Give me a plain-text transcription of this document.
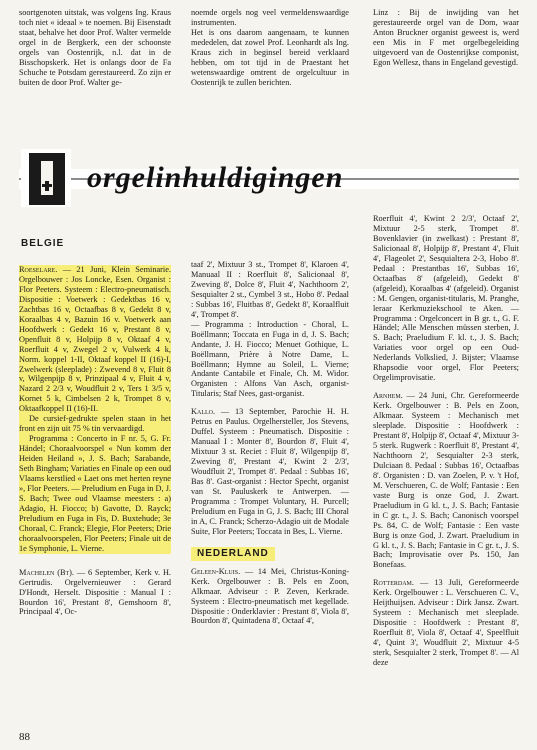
soortgenoten uitstak, was volgens Ing. Kraus toch niet « ideaal » te noemen. Bij Eisenstadt staat, behalve het door Prof. Walter vermelde orgel in de Bergkerk, een der schoonste orgels van Oostenrijk, n.l. dat in de Bisschopskerk. Het is onlangs door de Fa Schuche te Potsdam gerestaureerd. Zo zijn er buiten de door Prof. Walter ge-

noemde orgels nog veel vermeldenswaardige instrumenten.
Het is ons daarom aangenaam, te kunnen mededelen, dat zowel Prof. Leonhardt als Ing. Kraus zich in beginsel bereid verklaard hebben, om tot tijd in de Praestant het wetenswaardige omtrent de orgelcultuur in Oostenrijk te zullen berichten.

Linz : Bij de inwijding van het gerestaureerde orgel van de Dom, waar Anton Bruckner organist geweest is, werd een Mis in F met orgelbegeleiding uitgevoerd van de Oostenrijkse componist, Egon Wellesz, thans in Engeland gevestigd.

orgelinhuldigingen
BELGIE

Roeselare. — 21 Juni, Klein Seminarie. Orgelbouwer : Jos Loncke, Esen. Organist : Flor Peeters. Systeem : Electro-pneumatisch. Dispositie : Voetwerk : Gedektbas 16 v, Zachtbas 16 v, Octaafbas 8 v, Gedekt 8 v, Koraalbas 4 v, Bazuin 16 v. Voetwerk aan Hoofdwerk : Gedekt 16 v, Prestant 8 v, Openfluit 8 v, Holpijp 8 v, Oktaaf 4 v, Roerfluit 4 v, Zwegel 2 v, Vulwerk 4 k, Norm. koppel 1-II, Oktaaf koppel II (16)-I, Zwelwerk (sleeplade) : Zwevend 8 v, Fluit 8 v, Wilgenpijp 8 v, Prinzipaal 4 v, Fluit 4 v, Nazard 2 2/3 v, Woudfluit 2 v, Ters 1 3/5 v, Kornet 5 k, Cimbelsen 2 k, Trompet 8 v, Oktaafkoppel II (16)-II.

De cursief-gedrukte spelen staan in het front en zijn uit 75 % tin vervaardigd.

Programma : Concerto in F nr. 5, G. Fr. Händel; Choraalvoorspel « Nun komm der Heiden Heiland », J. S. Bach; Sarabande, Seth Bingham; Variaties en Finale op een oud Vlaams kerstlied « Laet ons met herten reyne », Flor Peeters. — Preludium en Fuga in D, J. S. Bach; Twee oud Vlaamse meesters : a) Adagio, H. Fiocco; b) Gavotte, D. Rayck; Preludium en Fuga in Fis, D. Buxtehude; 3e Choraal, C. Franck; Elegie, Flor Peeters; Drie choraalvoorspelen, Flor Peeters; Finale uit de 1e Symphonie, L. Vierne.

Machelen (Bt). — 6 September, Kerk v. H. Gertrudis. Orgelvernieuwer : Gerard D'Hondt, Herselt. Dispositie : Manual I : Bourdon 16', Prestant 8', Gemshoorn 8', Principaal 4', Oc-

taaf 2', Mixtuur 3 st., Trompet 8', Klaroen 4', Manuaal II : Roerfluit 8', Salicionaal 8', Zweving 8', Dolce 8', Fluit 4', Nachthoorn 2', Sesquialter 2 st., Cymbel 3 st., Hobo 8'. Pedaal : Subbas 16', Fluitbas 8', Gedekt 8', Koraalfluit 4', Trompet 8'.
— Programma : Introduction - Choral, L. Boëllmann; Toccata en Fuga in d, J. S. Bach; Andante, J. H. Fiocco; Menuet Gothique, L. Boëllmann, Prière à Notre Dame, L. Boëllmann; Hymne au Soleil, L. Vierne; Andante Cantabile et Finale, Ch. M. Widor. Organisten : Alfons Van Asch, organist-Titularis; Staf Nees, gast-organist.

Kallo. — 13 September, Parochie H. H. Petrus en Paulus. Orgelhersteller, Jos Stevens, Duffel. Systeem : Pneumatisch. Dispositie : Manuaal I : Monter 8', Bourdon 8', Fluit 4', Mixtuur 3 st. Reciet : Fluit 8', Wilgenpijp 8', Zweving 8', Prestant 4', Kwint 2 2/3', Woudfluit 2', Trompet 8'. Pedaal : Subbas 16', Bas 8'. Gast-organist : Hector Specht, organist van St. Pauluskerk te Antwerpen. — Programma : Trompet Voluntary, H. Purcell; Preludium en Fuga in G, J. S. Bach; III Choral in A, C. Franck; Scherzo-Adagio uit de Modale Suite, Flor Peeters; Toccata in Bes, L. Vierne.

NEDERLAND

Geleen-Kluis. — 14 Mei, Christus-Koning-Kerk. Orgelbouwer : B. Pels en Zoon, Alkmaar. Adviseur : P. Zeven, Kerkrade. Systeem : Electro-pneumatisch met kegellade. Dispositie : Onderklavier : Prestant 8', Viola 8', Bourdon 8', Quintadena 8', Octaaf 4',

Roerfluit 4', Kwint 2 2/3', Octaaf 2', Mixtuur 2-5 sterk, Trompet 8'. Bovenklavier (in zwelkast) : Prestant 8', Salicionaal 8', Holpijp 8', Prestant 4', Fluit 4', Flageolet 2', Sesquialtera 2-3, Hobo 8'. Pedaal : Prestantbas 16', Subbas 16', Octaafbas 8' (afgeleid), Gedekt 8' (afgeleid), Koraalbas 4' (afgeleid). Organist : M. Gengen, organist-titularis, M. Pranghe, leraar Kerkmuziekschool te Aken. — Programma : Orgelconcert in B gr. t., G. F. Händel; Alle Menschen müssen sterben, J. S. Bach; Praeludium F. kl. t., J. S. Bach; Variaties voor orgel op een Oud-Nederlands Volkslied, J. Bijster; Vlaamse Rhapsodie voor orgel, Flor Peeters; Orgelimprovisatie.

Arnhem. — 24 Juni, Chr. Gereformeerde Kerk. Orgelbouwer : B. Pels en Zoon, Alkmaar. Systeem : Mechanisch met sleeplade. Dispositie : Hoofdwerk : Prestant 8', Holpijp 8', Octaaf 4', Mixtuur 3-5 sterk. Rugwerk : Roerfluit 8', Prestant 4', Nachthoorn 2', Sesquialter 2-3 sterk, Dulciaan 8. Pedaal : Subbas 16', Octaafbas 8'. Organisten : D. van Zoelen, P. v. 't Hof, M. Verschueren, C. de Wolf; Fantasie : Een vaste Burg is onze God, J. Zwart. Praeludium in G kl. t., J. S. Bach; Fantasie in C gr. t., J. S. Bach; Canonisch voorspel Ps. 84, C. de Wolf; Fantasie : Een vaste Burg is onze God, J. Zwart. Praeludium in G kl. t., J. S. Bach; Fantasie in C gr. t., J. S. Bach; Improvisatie over Ps. 150, Jan Bonefaas.

Rotterdam. — 13 Juli, Gereformeerde Kerk. Orgelbouwer : L. Verschueren C. V., Heijthuijsen. Adviseur : Dirk Jansz. Zwart. Systeem : Mechanisch met sleeplade. Dispositie : Hoofdwerk : Prestant 8', Roerfluit 8', Viola 8', Octaaf 4', Speelfluit 4', Quint 3', Woudfluit 2', Mixtuur 4-5 sterk, Sesquialter 2 sterk, Trompet 8'. — Al deze

88
